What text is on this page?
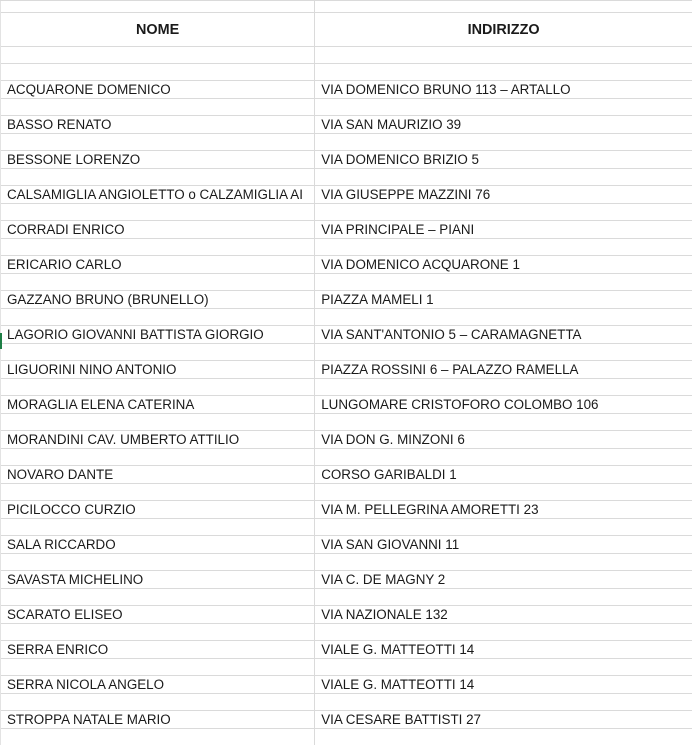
NOME	INDIRIZZO

ACQUARONE DOMENICO	VIA DOMENICO BRUNO 113 – ARTALLO

BASSO RENATO	VIA SAN MAURIZIO 39

BESSONE LORENZO	VIA DOMENICO BRIZIO 5

CALSAMIGLIA ANGIOLETTO o CALZAMIGLIA AI	VIA GIUSEPPE MAZZINI 76

CORRADI ENRICO	VIA PRINCIPALE – PIANI

ERICARIO CARLO	VIA DOMENICO ACQUARONE 1

GAZZANO BRUNO (BRUNELLO)	PIAZZA MAMELI 1

LAGORIO GIOVANNI BATTISTA GIORGIO	VIA SANT'ANTONIO 5 – CARAMAGNETTA

LIGUORINI NINO ANTONIO	PIAZZA ROSSINI 6 – PALAZZO RAMELLA

MORAGLIA ELENA CATERINA	LUNGOMARE CRISTOFORO COLOMBO 106

MORANDINI CAV. UMBERTO ATTILIO	VIA DON G. MINZONI 6

NOVARO DANTE	CORSO GARIBALDI 1

PICILOCCO CURZIO	VIA M. PELLEGRINA AMORETTI 23

SALA RICCARDO	VIA SAN GIOVANNI 11

SAVASTA MICHELINO	VIA C. DE MAGNY 2

SCARATO ELISEO	VIA NAZIONALE 132

SERRA ENRICO	VIALE G. MATTEOTTI 14

SERRA NICOLA ANGELO	VIALE G. MATTEOTTI 14

STROPPA NATALE MARIO	VIA CESARE BATTISTI 27
